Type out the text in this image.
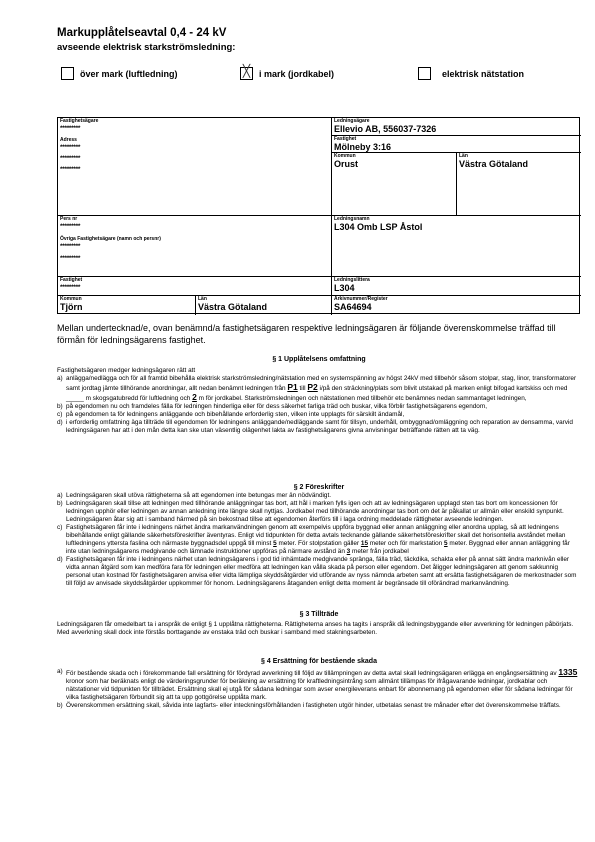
Markupplåtelseavtal 0,4 - 24 kV
avseende elektrisk starkströmsledning:
över mark (luftledning)	╳ i mark (jordkabel)	elektrisk nätstation
Fastighetsägare
*********
Adress
*********
*********
*********
Pers nr
*********
Övriga Fastighetsägare (namn och persnr)
*********
*********
Fastighet
*********
Kommun
Tjörn
Län
Västra Götaland
Ledningsägare
Ellevio AB, 556037-7326
Fastighet
Mölneby 3:16
Kommun
Orust
Län
Västra Götaland
Ledningsnamn
L304 Omb LSP Åstol
Ledningslittera
L304
Arkivnummer/Register
SA64694
Mellan undertecknad/e, ovan benämnd/a fastighetsägaren respektive ledningsägaren är följande överenskommelse träffad till förmån för ledningsägarens fastighet.
§ 1 Upplåtelsens omfattning
Fastighetsägaren medger ledningsägaren rätt att
a) anlägga/nedlägga och för all framtid bibehålla elektrisk starkströmsledning/nätstation med en systemspänning av högst 24kV med tillbehör såsom stolpar, stag, linor, transformatorer samt jordtag jämte tillhörande anordningar, allt nedan benämnt ledningen från P1 till P2 i/på den sträckning/plats som blivit utstakad på marken enligt bifogad kartskiss och med _____ m skogsgatubredd för luftledning och 2 m för jordkabel. Starkströmsledningen och nätstationen med tillbehör etc benämnes nedan sammantaget ledningen,
b) på egendomen nu och framdeles fälla för ledningen hinderliga eller för dess säkerhet farliga träd och buskar, vilka förblir fastighetsägarens egendom,
c) på egendomen ta för ledningens anläggande och bibehållande erforderlig sten, vilken inte upplagts för särskilt ändamål,
d) i erforderlig omfattning äga tillträde till egendomen för ledningens anläggande/nedläggande samt för tillsyn, underhåll, ombyggnad/omläggning och reparation av densamma, varvid ledningsägaren har att i den mån detta kan ske utan väsentlig olägenhet lakta av fastighetsägarens givna anvisningar beträffande rätten att ta väg.
§ 2 Föreskrifter
a) Ledningsägaren skall utöva rättigheterna så att egendomen inte betungas mer än nödvändigt.
b) Ledningsägaren skall tillse att ledningen med tillhörande anläggningar tas bort, att hål i marken fylls igen och att av ledningsägaren upplagd sten tas bort om koncessionen för ledningen upphör eller ledningen av annan anledning inte längre skall nyttjas. Jordkabel med tillhörande anordningar tas bort om det är påkallat ur allmän eller enskild synpunkt. Ledningsägaren åtar sig att i samband härmed på sin bekostnad tillse att egendomen återförs till i laga ordning meddelade rättigheter avseende ledningen.
c) Fastighetsägaren får inte i ledningens närhet ändra markanvändningen genom att exempelvis uppföra byggnad eller annan anläggning eller anordna upplag, så att ledningens bibehållande enligt gällande säkerhetsföreskrifter äventyras. Enligt vid tidpunkten för detta avtals tecknande gällande säkerhetsföreskrifter skall det horisontella avståndet mellan luftledningens yttersta faslina och närmaste byggnadsdel uppgå till minst 5 meter. För stolpstation gäller 15 meter och för markstation 5 meter. Byggnad eller annan anläggning får inte utan ledningsägarens medgivande och lämnade instruktioner uppföras på närmare avstånd än 3 meter från jordkabel
d) Fastighetsägaren får inte i ledningens närhet utan ledningsägarens i god tid inhämtade medgivande spränga, fälla träd, täckdika, schakta eller på annat sätt ändra marknivån eller vidta annan åtgärd som kan medföra fara för ledningen eller medföra att ledningen kan vålla skada på person eller egendom. Det åligger ledningsägaren att genom sakkunnig personal utan kostnad för fastighetsägaren anvisa eller vidta lämpliga skyddsåtgärder vid utförande av nyss nämnda arbeten samt att ersätta fastighetsägaren de merkostnader som till följd av anvisade skyddsåtgärder uppkommer för honom. Ledningsägarens åtaganden enligt detta moment är begränsade till oförändrad markanvändning.
§ 3 Tillträde
Ledningsägaren får omedelbart ta i anspråk de enligt § 1 upplåtna rättigheterna. Rättigheterna anses ha tagits i anspråk då ledningsbyggande eller avverkning för ledningen påbörjats. Med avverkning skall dock inte förstås borttagande av enstaka träd och buskar i samband med stakningsarbeten.
§ 4 Ersättning för bestående skada
a) För bestående skada och i förekommande fall ersättning för fördyrad avverkning till följd av tillämpningen av detta avtal skall ledningsägaren erlägga en engångsersättning av 1335 kronor som har beräknats enligt de värderingsgrunder för beräkning av ersättning för kraftledningsintrång som allmänt tillämpas för ifrågavarande ledningar, jordkablar och nätstationer vid tidpunkten för tillträdet. Ersättning skall ej utgå för sådana ledningar som avser energileverans enbart för abonnemang på egendomen eller för sådana ledningar för vilka fastighetsägaren förbundit sig att ta upp gottgörelse upplåta mark.
b) Överenskommen ersättning skall, såvida inte lagfarts- eller inteckningsförhållanden i fastigheten utgör hinder, utbetalas senast tre månader efter det överenskommelse träffats.
